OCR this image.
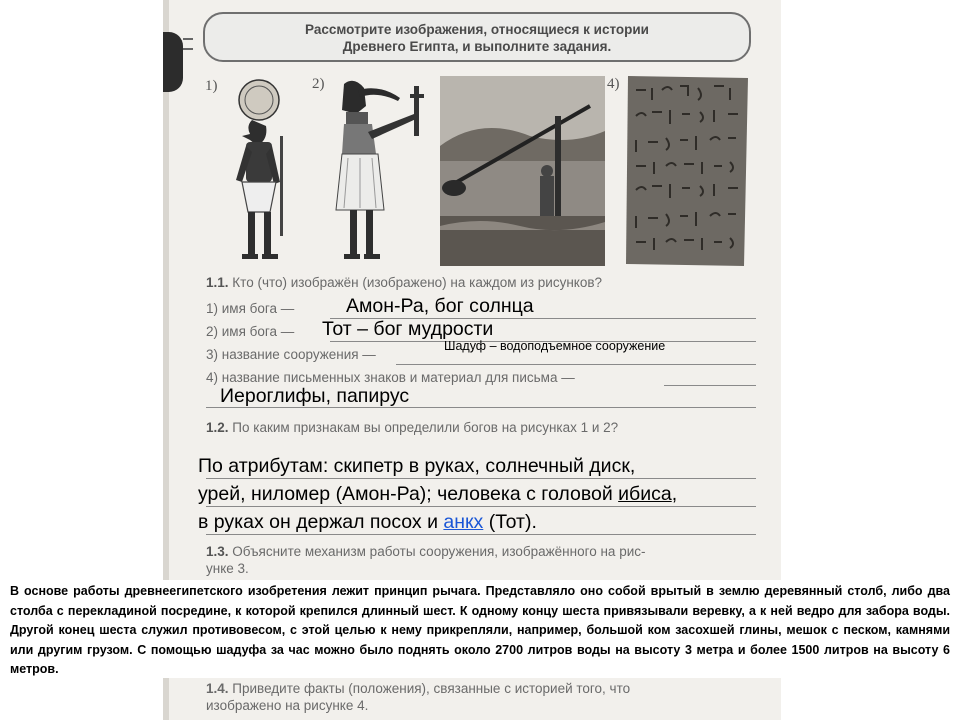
Рассмотрите изображения, относящиеся к истории
Древнего Египта, и выполните задания.
1)	2)	4)
1.1. Кто (что) изображён (изображено) на каждом из рисунков?
1) имя бога —	Амон-Ра, бог солнца
2) имя бога — Тот – бог мудрости
3) название сооружения —
Шадуф – водоподъемное сооружение
4) название письменных знаков и материал для письма —
Иероглифы, папирус
1.2. По каким признакам вы определили богов на рисунках 1 и 2?
По атрибутам: скипетр в руках, солнечный диск,
урей, ниломер (Амон-Ра); человека с головой ибиса,
в руках он держал посох и анкх (Тот).
1.3. Объясните механизм работы сооружения, изображённого на рис-
унке 3.
В основе работы древнеегипетского изобретения лежит принцип рычага. Представляло оно собой врытый в землю деревянный столб, либо два столба с перекладиной посредине, к которой крепился длинный шест. К одному концу шеста привязывали веревку, а к ней ведро для забора воды. Другой конец шеста служил противовесом, с этой целью к нему прикрепляли, например, большой ком засохшей глины, мешок с песком, камнями или другим грузом. С помощью шадуфа за час можно было поднять около 2700 литров воды на высоту 3 метра и более 1500 литров на высоту 6 метров.
1.4. Приведите факты (положения), связанные с историей того, что
изображено на рисунке 4.
